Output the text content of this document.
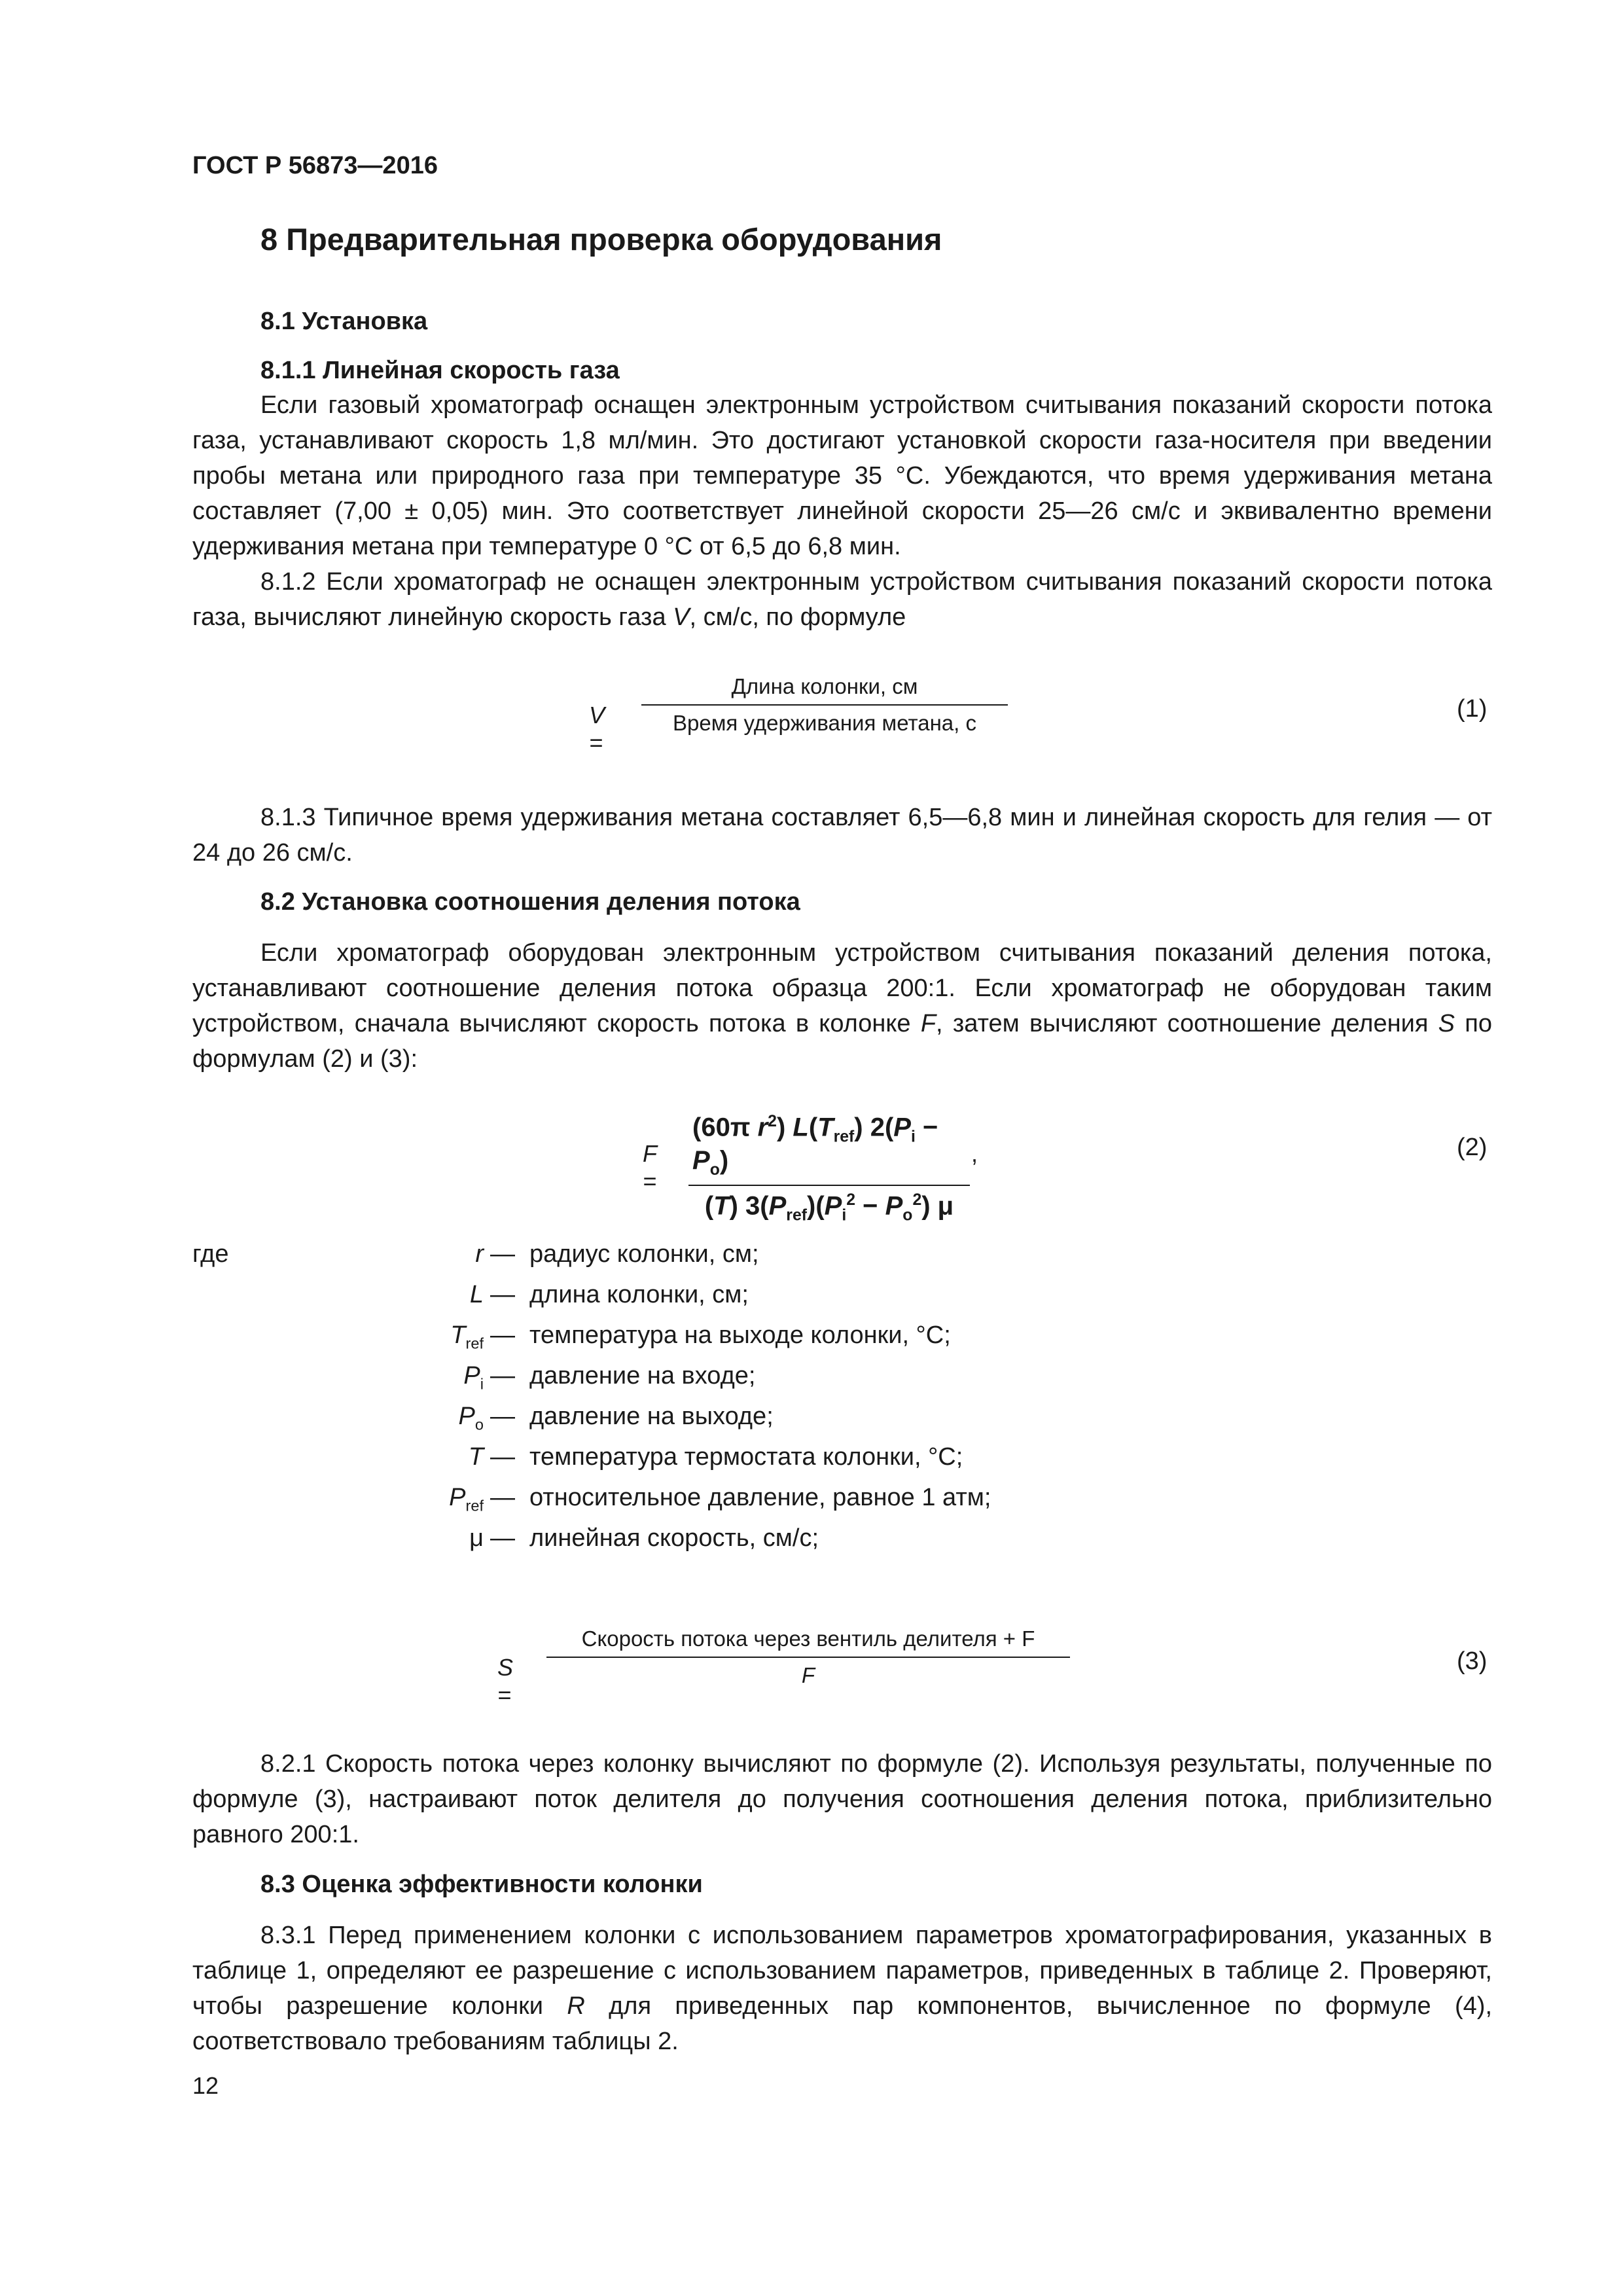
ГОСТ Р 56873—2016
8 Предварительная проверка оборудования
8.1 Установка
8.1.1 Линейная скорость газа
Если газовый хроматограф оснащен электронным устройством считывания показаний скорости потока газа, устанавливают скорость 1,8 мл/мин. Это достигают установкой скорости газа-носителя при введении пробы метана или природного газа при температуре 35 °С. Убеждаются, что время удерживания метана составляет (7,00 ± 0,05) мин. Это соответствует линейной скорости 25—26 см/с и эквивалентно времени удерживания метана при температуре 0 °С от 6,5 до 6,8 мин.
8.1.2 Если хроматограф не оснащен электронным устройством считывания показаний скорости потока газа, вычисляют линейную скорость газа V, см/с, по формуле
V =
Длина колонки, см
Время удерживания метана, с
(1)
8.1.3 Типичное время удерживания метана составляет 6,5—6,8 мин и линейная скорость для гелия — от 24 до 26 см/с.
8.2 Установка соотношения деления потока
Если хроматограф оборудован электронным устройством считывания показаний деления потока, устанавливают соотношение деления потока образца 200:1. Если хроматограф не оборудован таким устройством, сначала вычисляют скорость потока в колонке F, затем вычисляют соотношение деления S по формулам (2) и (3):
F =
(60π $r^2$) $L(T_{ref}) 2(P_i - P_o)$
(T) $3(P_{ref})(P_i^2 - P_o^2)$ μ
,	(2)
где	r — радиус колонки, см;
L — длина колонки, см;
$T_{ref}$ — температура на выходе колонки, °С;
$P_i$ — давление на входе;
$P_o$ — давление на выходе;
T — температура термостата колонки, °С;
$P_{ref}$ — относительное давление, равное 1 атм;
μ — линейная скорость, см/с;
S =
Скорость потока через вентиль делителя + F
F
(3)
8.2.1 Скорость потока через колонку вычисляют по формуле (2). Используя результаты, полученные по формуле (3), настраивают поток делителя до получения соотношения деления потока, приблизительно равного 200:1.
8.3 Оценка эффективности колонки
8.3.1 Перед применением колонки с использованием параметров хроматографирования, указанных в таблице 1, определяют ее разрешение с использованием параметров, приведенных в таблице 2. Проверяют, чтобы разрешение колонки R для приведенных пар компонентов, вычисленное по формуле (4), соответствовало требованиям таблицы 2.
12
